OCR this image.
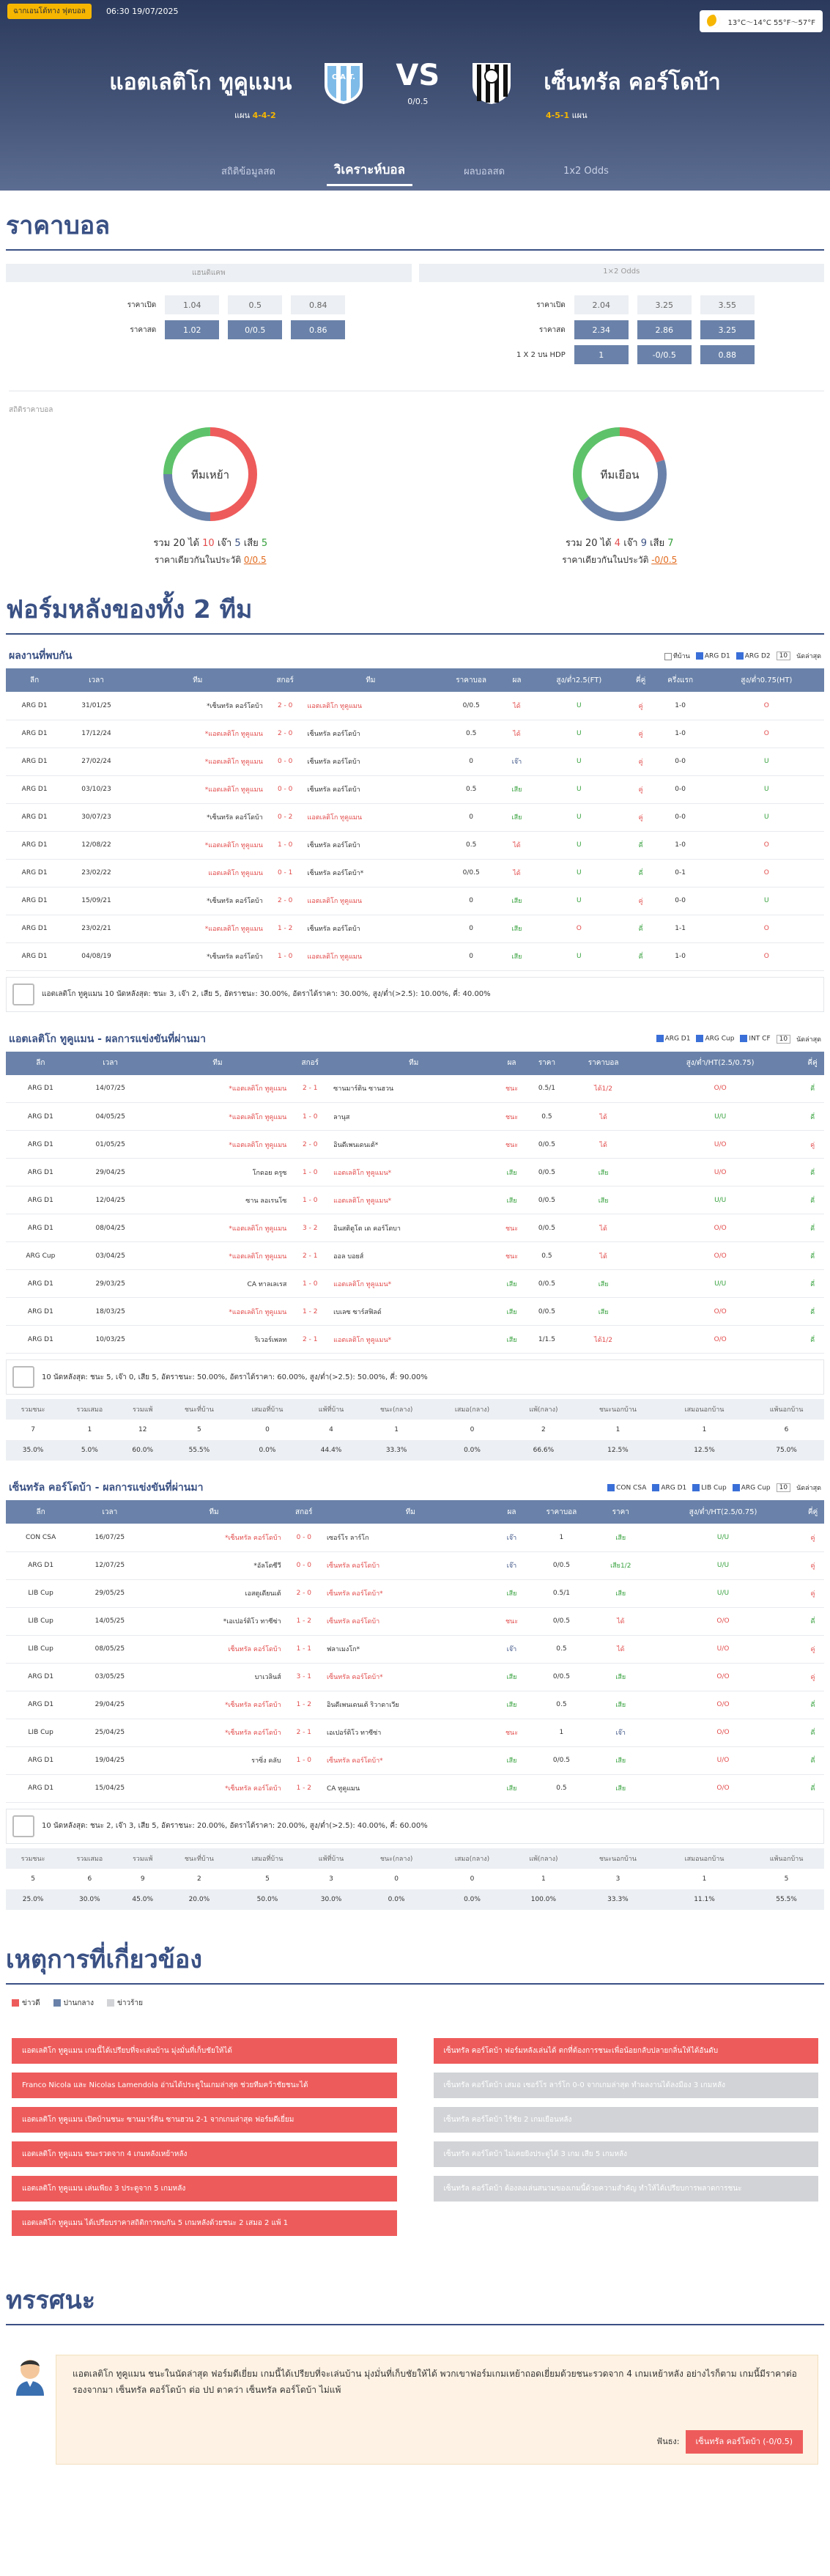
ฉากเอนโด้ทาง ฟุตบอล	06:30 19/07/2025
13°C～14°C 55°F～57°F
แอตเลติโก ทูคูแมน	C.A.T. VS
0/0.5
เซ็นทรัล คอร์โดบ้า
แผน 4-4-2	4-5-1 แผน
สถิติข้อมูลสด	วิเคราะห์บอล	ผลบอลสด	1x2 Odds
ราคาบอล
แฮนดิแคพ	1×2 Odds
ราคาเปิด	1.04	0.5	0.84
ราคาสด	1.02	0/0.5	0.86
ราคาเปิด	2.04	3.25	3.55
ราคาสด	2.34	2.86	3.25
1 X 2 บน HDP	1	-0/0.5	0.88
สถิติราคาบอล
ทีมเหย้า
รวม 20 ได้ 10 เจ๊า 5 เสีย 5
ราคาเดียวกันในประวัติ 0/0.5
ทีมเยือน
รวม 20 ได้ 4 เจ๊า 9 เสีย 7
ราคาเดียวกันในประวัติ -0/0.5
ฟอร์มหลังของทั้ง 2 ทีม
ผลงานที่พบกัน	ทีบ้าน	ARG D1	ARG D2	10	นัดล่าสุด
ลีก	เวลา	ทีม	สกอร์	ทีม	ราคาบอล	ผล	สูง/ต่ำ2.5(FT)	คี่คู่	ครึ่งแรก	สูง/ต่ำ0.75(HT)
ARG D1	31/01/25	*เซ็นทรัล คอร์โดบ้า	2 - 0	แอตเลติโก ทูคูแมน	0/0.5	ได้	U	คู่	1-0	O
ARG D1	17/12/24	*แอตเลติโก ทูคูแมน	2 - 0	เซ็นทรัล คอร์โดบ้า	0.5	ได้	U	คู่	1-0	O
ARG D1	27/02/24	*แอตเลติโก ทูคูแมน	0 - 0	เซ็นทรัล คอร์โดบ้า	0	เจ๊า	U	คู่	0-0	U
ARG D1	03/10/23	*แอตเลติโก ทูคูแมน	0 - 0	เซ็นทรัล คอร์โดบ้า	0.5	เสีย	U	คู่	0-0	U
ARG D1	30/07/23	*เซ็นทรัล คอร์โดบ้า	0 - 2	แอตเลติโก ทูคูแมน	0	เสีย	U	คู่	0-0	U
ARG D1	12/08/22	*แอตเลติโก ทูคูแมน	1 - 0	เซ็นทรัล คอร์โดบ้า	0.5	ได้	U	คี่	1-0	O
ARG D1	23/02/22	แอตเลติโก ทูคูแมน	0 - 1	เซ็นทรัล คอร์โดบ้า*	0/0.5	ได้	U	คี่	0-1	O
ARG D1	15/09/21	*เซ็นทรัล คอร์โดบ้า	2 - 0	แอตเลติโก ทูคูแมน	0	เสีย	U	คู่	0-0	U
ARG D1	23/02/21	*แอตเลติโก ทูคูแมน	1 - 2	เซ็นทรัล คอร์โดบ้า	0	เสีย	O	คี่	1-1	O
ARG D1	04/08/19	*เซ็นทรัล คอร์โดบ้า	1 - 0	แอตเลติโก ทูคูแมน	0	เสีย	U	คี่	1-0	O
แอตเลติโก ทูคูแมน 10 นัดหลังสุด: ชนะ 3, เจ๊า 2, เสีย 5, อัตราชนะ: 30.00%, อัตราได้ราคา: 30.00%, สูง/ต่ำ(>2.5): 10.00%, คี่: 40.00%
แอตเลติโก ทูคูแมน - ผลการแข่งขันที่ผ่านมา	ARG D1	ARG Cup	INT CF	10	นัดล่าสุด
ลีก	เวลา	ทีม	สกอร์	ทีม	ผล	ราคา	ราคาบอล	สูง/ต่ำ/HT(2.5/0.75)	คี่คู่
ARG D1	14/07/25	*แอตเลติโก ทูคูแมน	2 - 1	ซานมาร์ติน ซานฮวน	ชนะ	0.5/1	ได้1/2	O/O	คี่
ARG D1	04/05/25	*แอตเลติโก ทูคูแมน	1 - 0	ลานุส	ชนะ	0.5	ได้	U/U	คี่
ARG D1	01/05/25	*แอตเลติโก ทูคูแมน	2 - 0	อินดีเพนเดนเต้*	ชนะ	0/0.5	ได้	U/O	คู่
ARG D1	29/04/25	โกดอย ครูซ	1 - 0	แอตเลติโก ทูคูแมน*	เสีย	0/0.5	เสีย	U/O	คี่
ARG D1	12/04/25	ซาน ลอเรนโซ	1 - 0	แอตเลติโก ทูคูแมน*	เสีย	0/0.5	เสีย	U/U	คี่
ARG D1	08/04/25	*แอตเลติโก ทูคูแมน	3 - 2	อินสติตูโต เด คอร์โดบา	ชนะ	0/0.5	ได้	O/O	คี่
ARG Cup	03/04/25	*แอตเลติโก ทูคูแมน	2 - 1	ออล บอยส์	ชนะ	0.5	ได้	O/O	คี่
ARG D1	29/03/25	CA ทาลเลเรส	1 - 0	แอตเลติโก ทูคูแมน*	เสีย	0/0.5	เสีย	U/U	คี่
ARG D1	18/03/25	*แอตเลติโก ทูคูแมน	1 - 2	เบเลซ ซาร์สฟิลด์	เสีย	0/0.5	เสีย	O/O	คี่
ARG D1	10/03/25	ริเวอร์เพลท	2 - 1	แอตเลติโก ทูคูแมน*	เสีย	1/1.5	ได้1/2	O/O	คี่
10 นัดหลังสุด: ชนะ 5, เจ๊า 0, เสีย 5, อัตราชนะ: 50.00%, อัตราได้ราคา: 60.00%, สูง/ต่ำ(>2.5): 50.00%, คี่: 90.00%
รวมชนะ	รวมเสมอ	รวมแพ้	ชนะที่บ้าน	เสมอที่บ้าน	แพ้ที่บ้าน	ชนะ(กลาง)	เสมอ(กลาง)	แพ้(กลาง)	ชนะนอกบ้าน	เสมอนอกบ้าน	แพ้นอกบ้าน
7	1	12	5	0	4	1	0	2	1	1	6
35.0%	5.0%	60.0%	55.5%	0.0%	44.4%	33.3%	0.0%	66.6%	12.5%	12.5%	75.0%
เซ็นทรัล คอร์โดบ้า - ผลการแข่งขันที่ผ่านมา	CON CSA	ARG D1	LIB Cup	ARG Cup	10	นัดล่าสุด
ลีก	เวลา	ทีม	สกอร์	ทีม	ผล	ราคาบอล	ราคา	สูง/ต่ำ/HT(2.5/0.75)	คี่คู่
CON CSA	16/07/25	*เซ็นทรัล คอร์โดบ้า	0 - 0	เซอร์โร ลาร์โก	เจ๊า	1	เสีย	U/U	คู่
ARG D1	12/07/25	*อัลโดซีวี	0 - 0	เซ็นทรัล คอร์โดบ้า	เจ๊า	0/0.5	เสีย1/2	U/U	คู่
LIB Cup	29/05/25	เอสตูเดียนเต้	2 - 0	เซ็นทรัล คอร์โดบ้า*	เสีย	0.5/1	เสีย	U/U	คู่
LIB Cup	14/05/25	*เอเปอร์ติโว ทาซีซ่า	1 - 2	เซ็นทรัล คอร์โดบ้า	ชนะ	0/0.5	ได้	O/O	คี่
LIB Cup	08/05/25	เซ็นทรัล คอร์โดบ้า	1 - 1	ฟลาเมงโก*	เจ๊า	0.5	ได้	U/O	คู่
ARG D1	03/05/25	บาเวลินส์	3 - 1	เซ็นทรัล คอร์โดบ้า*	เสีย	0/0.5	เสีย	O/O	คู่
ARG D1	29/04/25	*เซ็นทรัล คอร์โดบ้า	1 - 2	อินดีเพนเดนเต้ ริวาดาเวีย	เสีย	0.5	เสีย	O/O	คี่
LIB Cup	25/04/25	*เซ็นทรัล คอร์โดบ้า	2 - 1	เอเปอร์ติโว ทาซีซ่า	ชนะ	1	เจ๊า	O/O	คี่
ARG D1	19/04/25	ราซิ่ง คลับ	1 - 0	เซ็นทรัล คอร์โดบ้า*	เสีย	0/0.5	เสีย	U/O	คี่
ARG D1	15/04/25	*เซ็นทรัล คอร์โดบ้า	1 - 2	CA ทูคูแมน	เสีย	0.5	เสีย	O/O	คี่
10 นัดหลังสุด: ชนะ 2, เจ๊า 3, เสีย 5, อัตราชนะ: 20.00%, อัตราได้ราคา: 20.00%, สูง/ต่ำ(>2.5): 40.00%, คี่: 60.00%
รวมชนะ	รวมเสมอ	รวมแพ้	ชนะที่บ้าน	เสมอที่บ้าน	แพ้ที่บ้าน	ชนะ(กลาง)	เสมอ(กลาง)	แพ้(กลาง)	ชนะนอกบ้าน	เสมอนอกบ้าน	แพ้นอกบ้าน
5	6	9	2	5	3	0	0	1	3	1	5
25.0%	30.0%	45.0%	20.0%	50.0%	30.0%	0.0%	0.0%	100.0%	33.3%	11.1%	55.5%
เหตุการที่เกี่ยวข้อง
ข่าวดี	ปานกลาง	ข่าวร้าย
แอตเลติโก ทูคูแมน เกมนี้ได้เปรียบที่จะเล่นบ้าน มุ่งมั่นที่เก็บชัยให้ได้
Franco Nicola และ Nicolas Lamendola อ่านได้ประตูในเกมล่าสุด ช่วยทีมคว้าชัยชนะได้
แอตเลติโก ทูคูแมน เปิดบ้านชนะ ซานมาร์ติน ซานฮวน 2-1 จากเกมล่าสุด ฟอร์มดีเยี่ยม
แอตเลติโก ทูคูแมน ชนะรวดจาก 4 เกมหลังเหย้าหลัง
แอตเลติโก ทูคูแมน เล่นเพียง 3 ประตูจาก 5 เกมหลัง
แอตเลติโก ทูคูแมน ได้เปรียบราคาสถิติการพบกัน 5 เกมหลังด้วยชนะ 2 เสมอ 2 แพ้ 1
เซ็นทรัล คอร์โดบ้า ฟอร์มหลังเล่นได้ ตกที่ต้องการชนะเพื่อน้อยกลับปลายกลิ่นให้ได้อันดับ
เซ็นทรัล คอร์โดบ้า เสมอ เซอร์โร ลาร์โก 0-0 จากเกมล่าสุด ทำผลงานได้ลงมือง 3 เกมหลัง
เซ็นทรัล คอร์โดบ้า ไร้ชัย 2 เกมเยือนหลัง
เซ็นทรัล คอร์โดบ้า ไม่เคยยิงประตูได้ 3 เกม เสีย 5 เกมหลัง
เซ็นทรัล คอร์โดบ้า ต้องลงเล่นสนามของเกมนี้ด้วยความสำคัญ ทำให้ได้เปรียบการพลาดการชนะ
ทรรศนะ
แอตเลติโก ทูคูแมน ชนะในนัดล่าสุด ฟอร์มดีเยี่ยม เกมนี้ได้เปรียบที่จะเล่นบ้าน มุ่งมั่นที่เก็บชัยให้ได้ พวกเขาฟอร์มเกมเหย้าถอดเยี่ยมด้วยชนะรวดจาก 4 เกมเหย้าหลัง อย่างไรก็ตาม เกมนี้มีราคาต่อรองจากมา เซ็นทรัล คอร์โดบ้า ต่อ ปป ตาคว่า เซ็นทรัล คอร์โดบ้า ไม่แพ้
ฟันธง:	เซ็นทรัล คอร์โดบ้า (-0/0.5)
